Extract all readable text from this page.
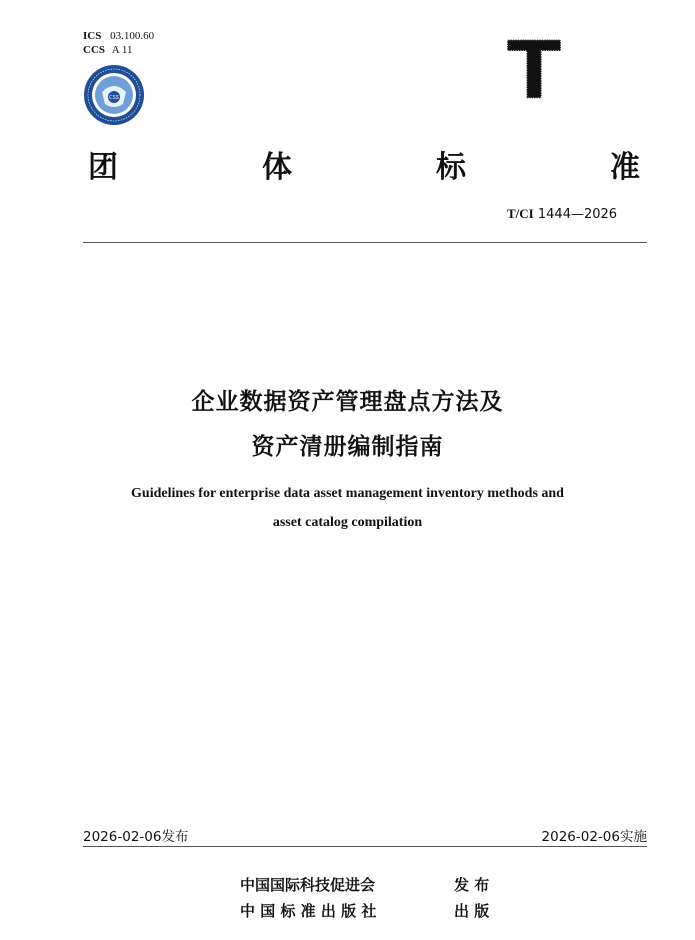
ICS 03.100.60
CCS A 11
CSS	T
团	体	标	准
T/CI 1444—2026
企业数据资产管理盘点方法及
资产清册编制指南
Guidelines for enterprise data asset management inventory methods and
asset catalog compilation
2026-02-06发布	2026-02-06实施
中国国际科技促进会	发 布
中 国 标 准 出 版 社	出 版
